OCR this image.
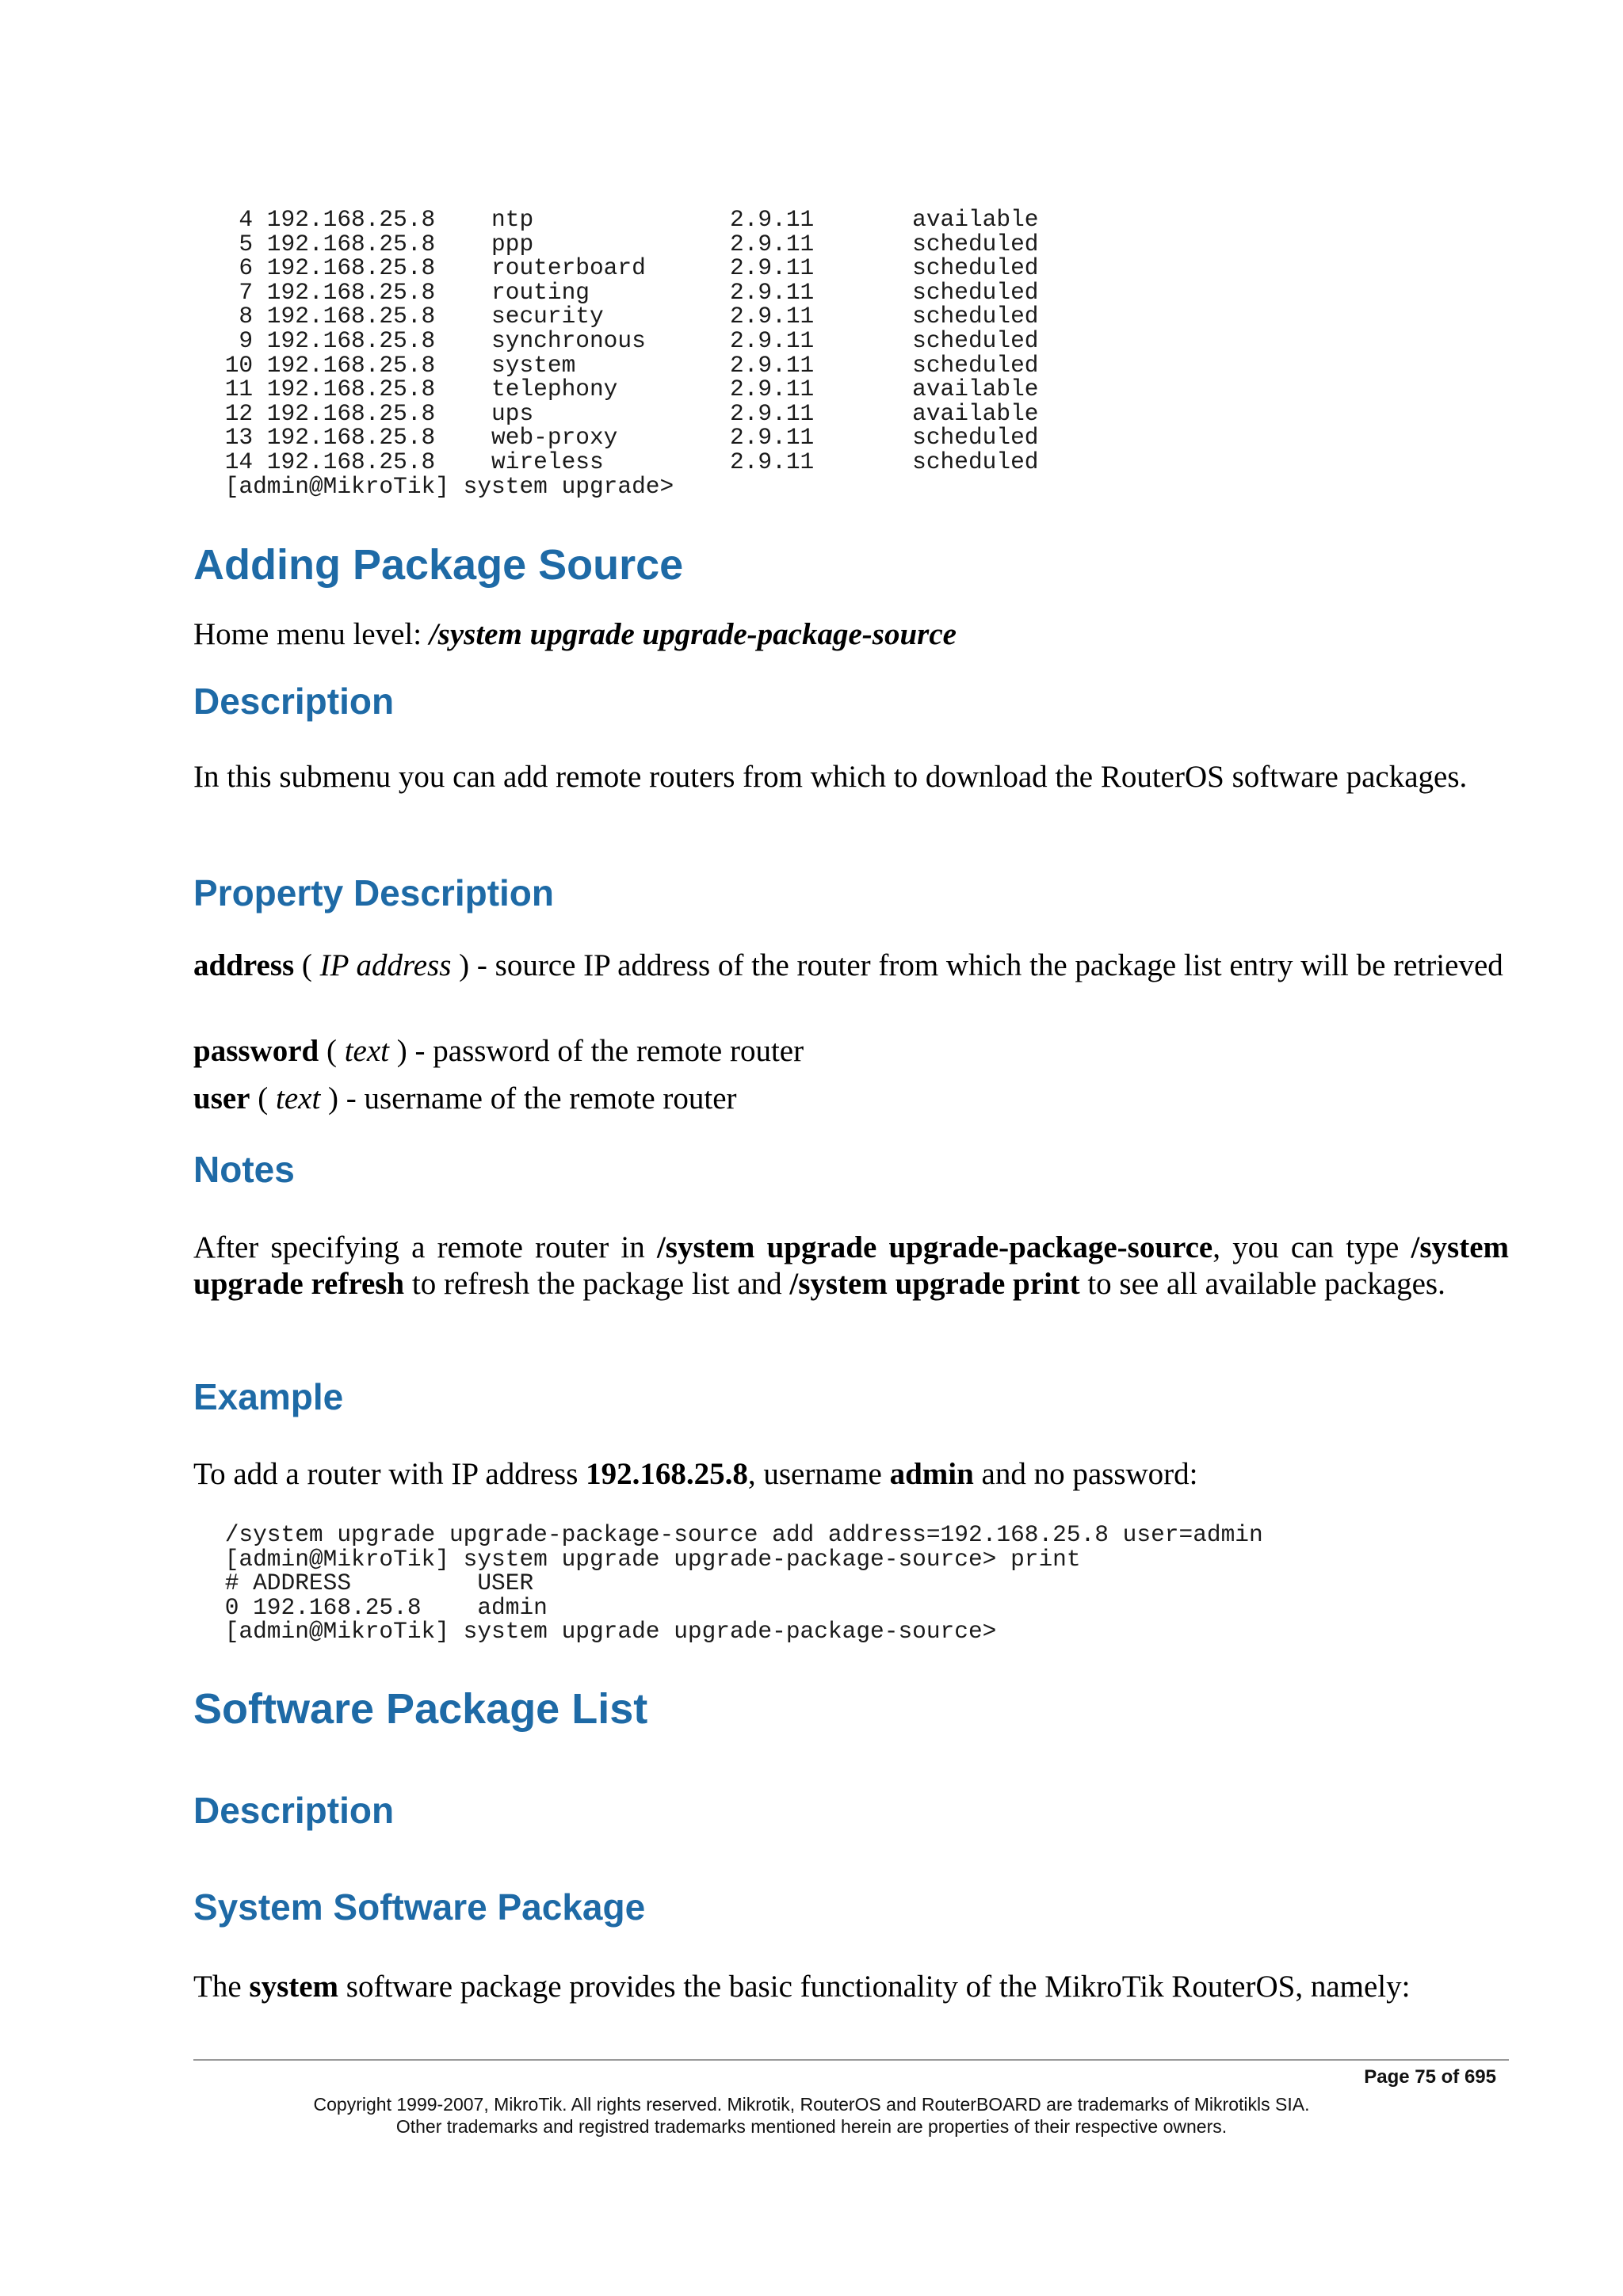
4 192.168.25.8    ntp              2.9.11       available
5 192.168.25.8    ppp              2.9.11       scheduled
6 192.168.25.8    routerboard      2.9.11       scheduled
7 192.168.25.8    routing          2.9.11       scheduled
8 192.168.25.8    security         2.9.11       scheduled
9 192.168.25.8    synchronous      2.9.11       scheduled
10 192.168.25.8    system           2.9.11       scheduled
11 192.168.25.8    telephony        2.9.11       available
12 192.168.25.8    ups              2.9.11       available
13 192.168.25.8    web-proxy        2.9.11       scheduled
14 192.168.25.8    wireless         2.9.11       scheduled
[admin@MikroTik] system upgrade>
Adding Package Source

Home menu level: /system upgrade upgrade-package-source

Description

In this submenu you can add remote routers from which to download the RouterOS software packages.

Property Description

address ( IP address ) - source IP address of the router from which the package list entry will be retrieved

password ( text ) - password of the remote router

user ( text ) - username of the remote router

Notes

After specifying a remote router in /system upgrade upgrade-package-source, you can type /system upgrade refresh to refresh the package list and /system upgrade print to see all available packages.

Example

To add a router with IP address 192.168.25.8, username admin and no password:

/system upgrade upgrade-package-source add address=192.168.25.8 user=admin
[admin@MikroTik] system upgrade upgrade-package-source> print
# ADDRESS         USER
0 192.168.25.8    admin
[admin@MikroTik] system upgrade upgrade-package-source>
Software Package List
Description
System Software Package

The system software package provides the basic functionality of the MikroTik RouterOS, namely:

Page 75 of 695
Copyright 1999-2007, MikroTik. All rights reserved. Mikrotik, RouterOS and RouterBOARD are trademarks of Mikrotikls SIA.
Other trademarks and registred trademarks mentioned herein are properties of their respective owners.
